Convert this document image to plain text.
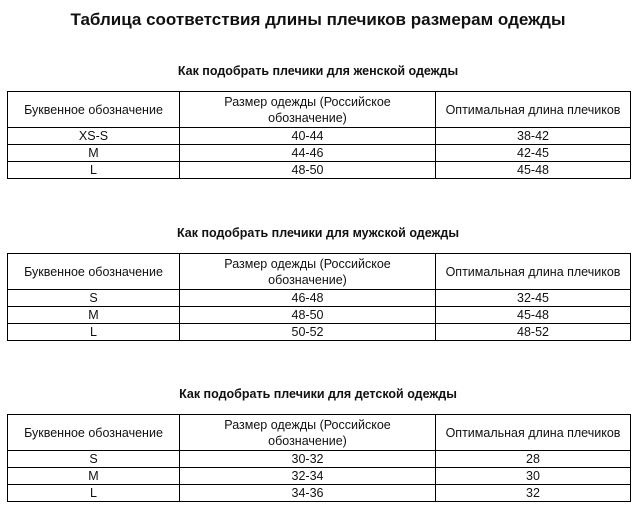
Таблица соответствия длины плечиков размерам одежды
Как подобрать плечики для женской одежды
Буквенное обозначение	Размер одежды (Российское обозначение)	Оптимальная длина плечиков
XS-S	40-44	38-42
M	44-46	42-45
L	48-50	45-48
Как подобрать плечики для мужской одежды
Буквенное обозначение	Размер одежды (Российское обозначение)	Оптимальная длина плечиков
S	46-48	32-45
M	48-50	45-48
L	50-52	48-52
Как подобрать плечики для детской одежды
Буквенное обозначение	Размер одежды (Российское обозначение)	Оптимальная длина плечиков
S	30-32	28
M	32-34	30
L	34-36	32
